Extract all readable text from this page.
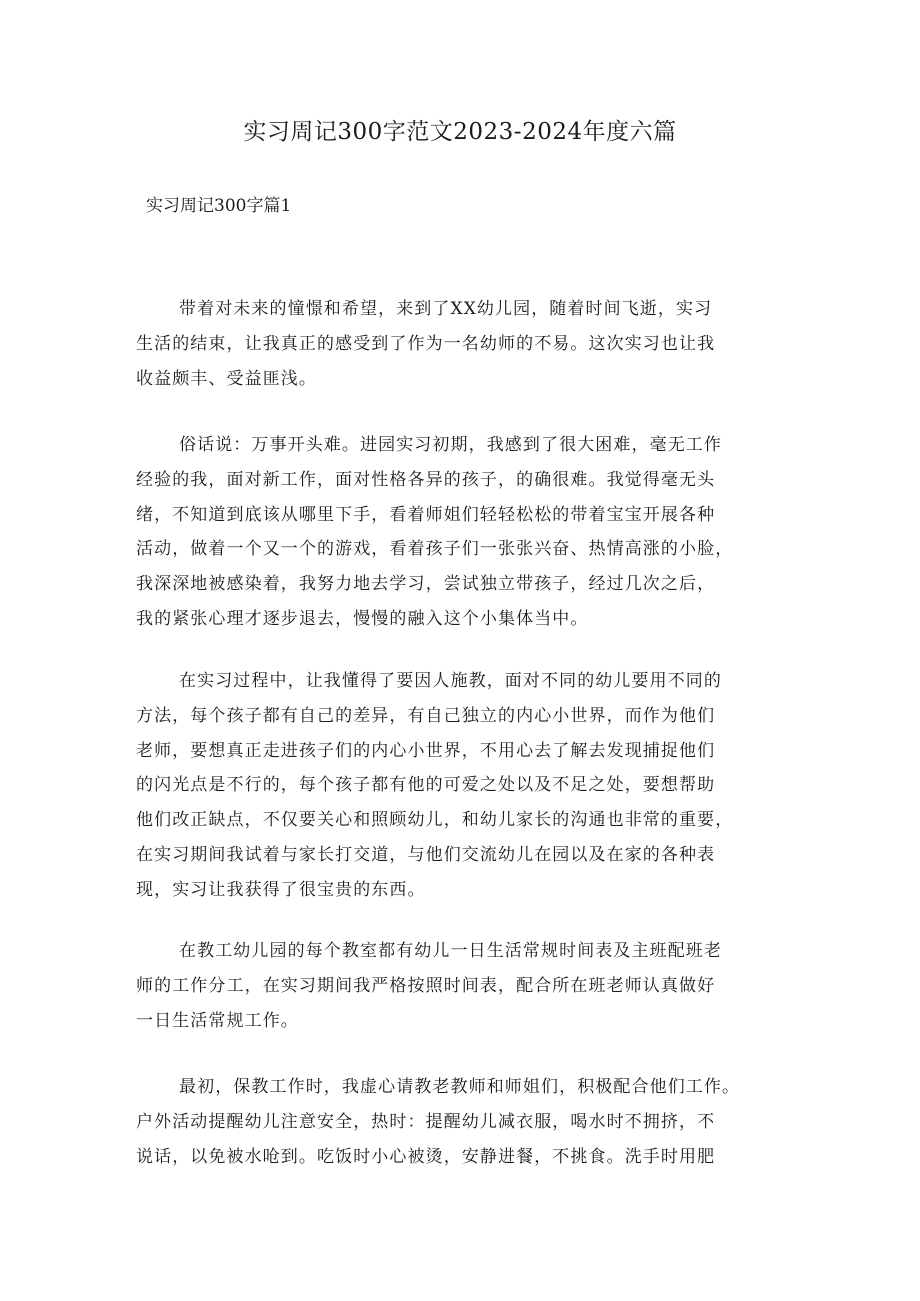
实习周记300字范文2023-2024年度六篇
实习周记300字篇1
带着对未来的憧憬和希望，来到了XX幼儿园，随着时间飞逝，实习
生活的结束，让我真正的感受到了作为一名幼师的不易。这次实习也让我
收益颇丰、受益匪浅。
俗话说：万事开头难。进园实习初期，我感到了很大困难，毫无工作
经验的我，面对新工作，面对性格各异的孩子，的确很难。我觉得毫无头
绪，不知道到底该从哪里下手，看着师姐们轻轻松松的带着宝宝开展各种
活动，做着一个又一个的游戏，看着孩子们一张张兴奋、热情高涨的小脸，
我深深地被感染着，我努力地去学习，尝试独立带孩子，经过几次之后，
我的紧张心理才逐步退去，慢慢的融入这个小集体当中。
在实习过程中，让我懂得了要因人施教，面对不同的幼儿要用不同的
方法，每个孩子都有自己的差异，有自己独立的内心小世界，而作为他们
老师，要想真正走进孩子们的内心小世界，不用心去了解去发现捕捉他们
的闪光点是不行的，每个孩子都有他的可爱之处以及不足之处，要想帮助
他们改正缺点，不仅要关心和照顾幼儿，和幼儿家长的沟通也非常的重要，
在实习期间我试着与家长打交道，与他们交流幼儿在园以及在家的各种表
现，实习让我获得了很宝贵的东西。
在教工幼儿园的每个教室都有幼儿一日生活常规时间表及主班配班老
师的工作分工，在实习期间我严格按照时间表，配合所在班老师认真做好
一日生活常规工作。
最初，保教工作时，我虚心请教老教师和师姐们，积极配合他们工作。
户外活动提醒幼儿注意安全，热时：提醒幼儿减衣服，喝水时不拥挤，不
说话，以免被水呛到。吃饭时小心被烫，安静进餐，不挑食。洗手时用肥
